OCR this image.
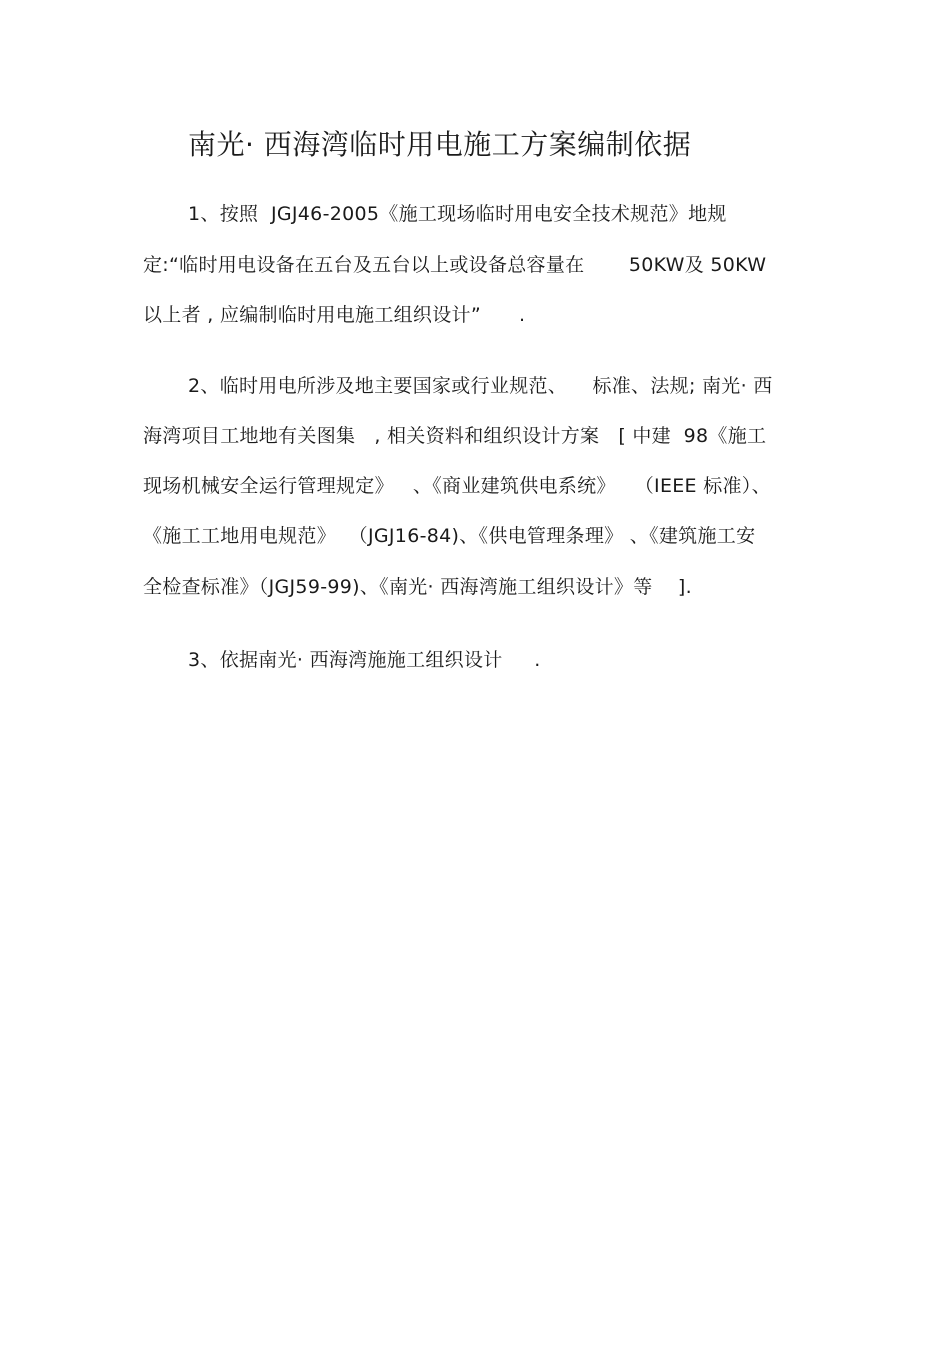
南光· 西海湾临时用电施工方案编制依据

1、按照  JGJ46-2005《施工现场临时用电安全技术规范》地规

定:“临时用电设备在五台及五台以上或设备总容量在       50KW及 50KW

以上者 , 应编制临时用电施工组织设计”      .

2、临时用电所涉及地主要国家或行业规范、    标准、法规; 南光· 西

海湾项目工地地有关图集   , 相关资料和组织设计方案   [ 中建  98《施工

现场机械安全运行管理规定》   、《商业建筑供电系统》   （IEEE 标准）、

《施工工地用电规范》  （JGJ16-84)、《供电管理条理》 、《建筑施工安

全检查标准》（JGJ59-99)、《南光· 西海湾施工组织设计》等    ].

3、依据南光· 西海湾施施工组织设计     .
